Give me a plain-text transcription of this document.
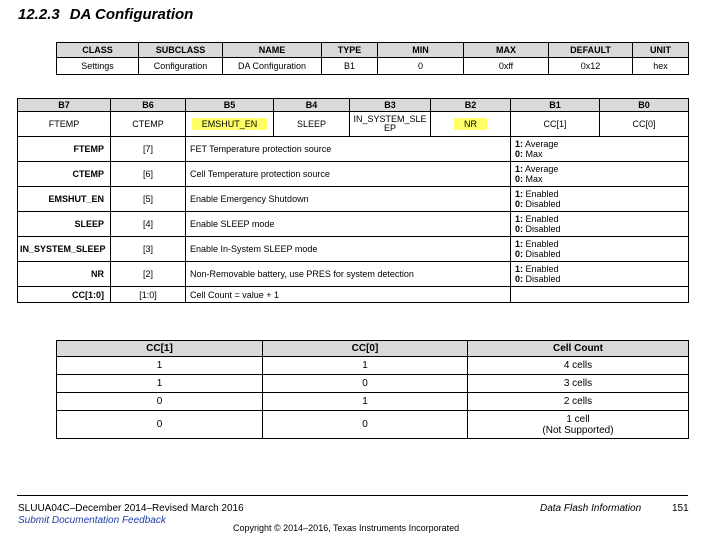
12.2.3 DA Configuration
CLASS	SUBCLASS	NAME	TYPE	MIN	MAX	DEFAULT	UNIT
Settings	Configuration	DA Configuration	B1	0	0xff	0x12	hex
B7	B6	B5	B4	B3	B2	B1	B0
FTEMP	CTEMP	EMSHUT_EN	SLEEP	IN_SYSTEM_SLEEP	NR	CC[1]	CC[0]
FTEMP	[7]	FET Temperature protection source				1: Average
0: Max	

CTEMP	[6]	Cell Temperature protection source				1: Average
0: Max	

EMSHUT_EN	[5]	Enable Emergency Shutdown				1: Enabled
0: Disabled	

SLEEP	[4]	Enable SLEEP mode				1: Enabled
0: Disabled	

IN_SYSTEM_SLEEP	[3]	Enable In-System SLEEP mode				1: Enabled
0: Disabled	

NR	[2]	Non-Removable battery, use PRES for system detection				1: Enabled
0: Disabled	

CC[1:0]	[1:0]	Cell Count = value + 1					
CC[1]	CC[0]	Cell Count
1	1	4 cells
1	0	3 cells
0	1	2 cells
0	0	1 cell
(Not Supported)
SLUUA04C–December 2014–Revised March 2016
Submit Documentation Feedback
Data Flash Information	151
Copyright © 2014–2016, Texas Instruments Incorporated
